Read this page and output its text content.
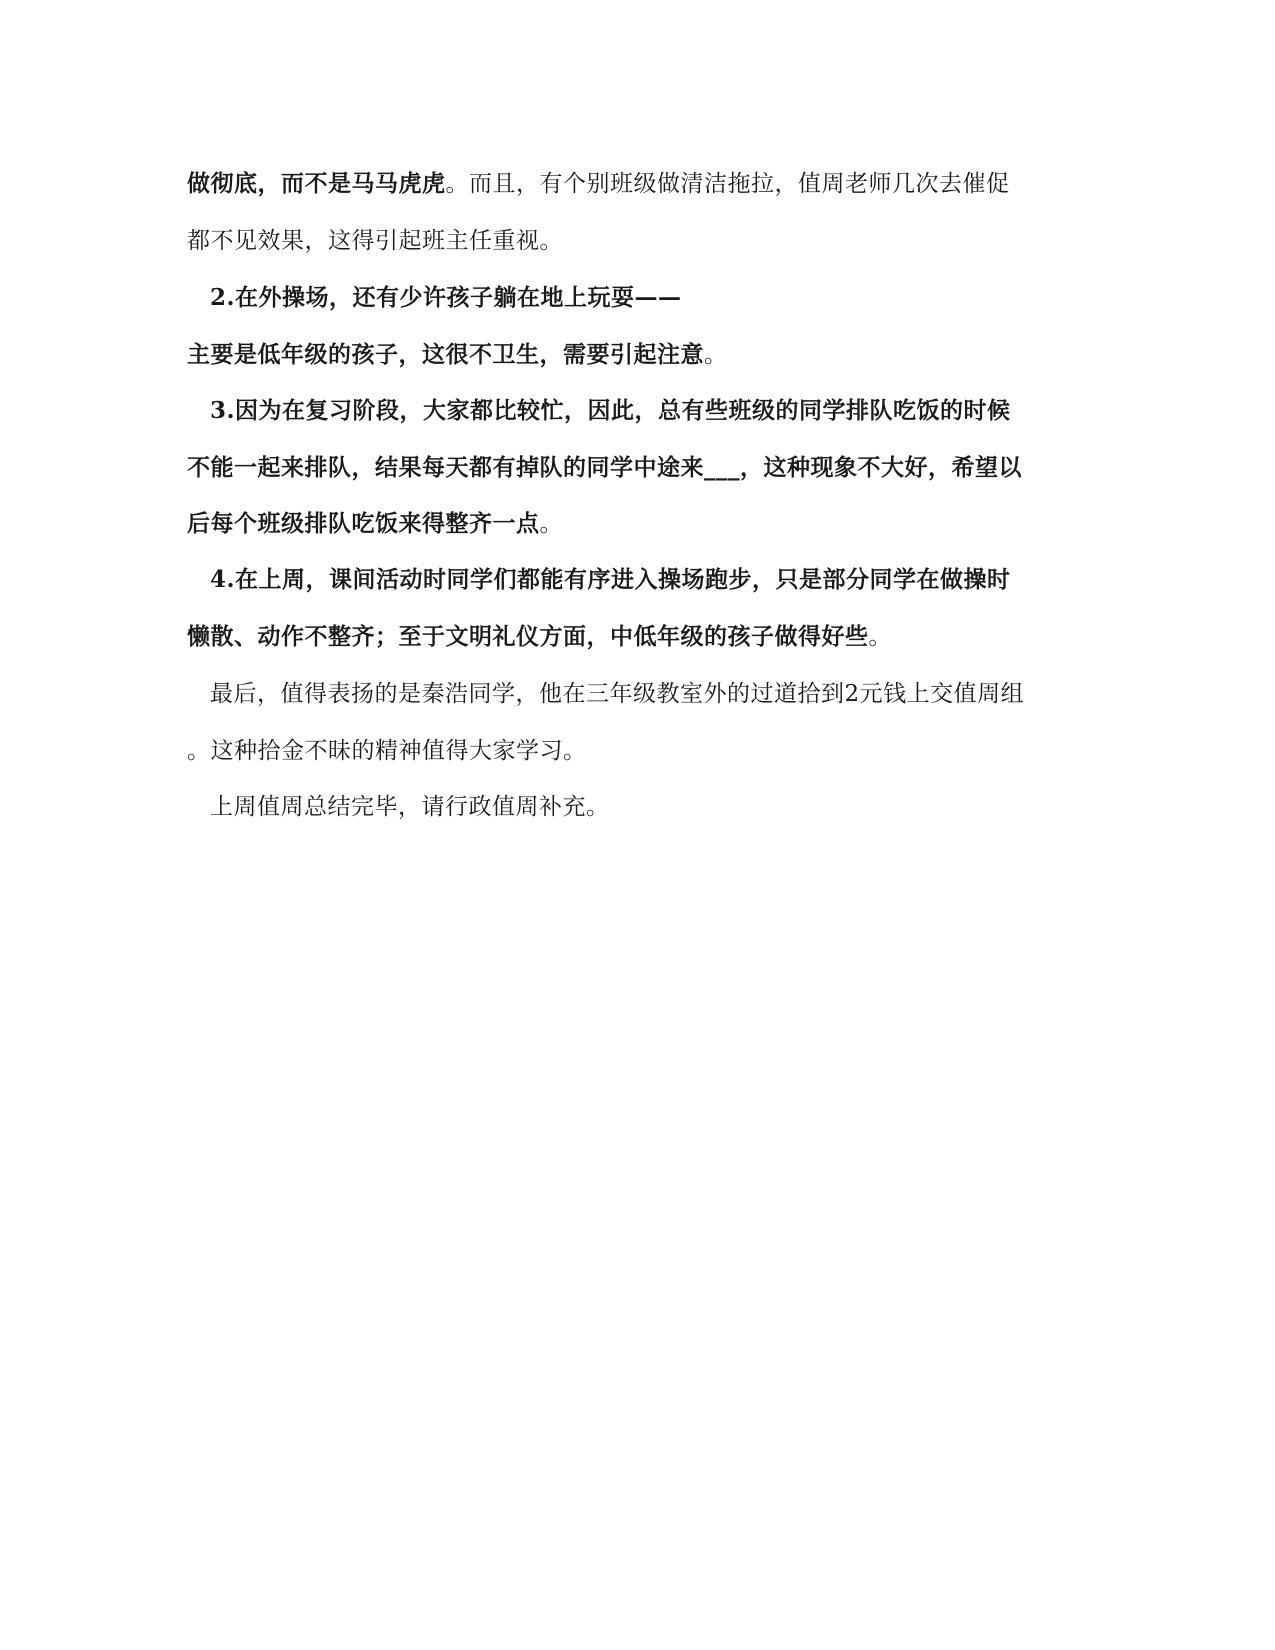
做彻底，而不是马马虎虎。而且，有个别班级做清洁拖拉，值周老师几次去催促
都不见效果，这得引起班主任重视。
2.在外操场，还有少许孩子躺在地上玩耍——
主要是低年级的孩子，这很不卫生，需要引起注意。
3.因为在复习阶段，大家都比较忙，因此，总有些班级的同学排队吃饭的时候
不能一起来排队，结果每天都有掉队的同学中途来___，这种现象不大好，希望以
后每个班级排队吃饭来得整齐一点。
4.在上周，课间活动时同学们都能有序进入操场跑步，只是部分同学在做操时
懒散、动作不整齐；至于文明礼仪方面，中低年级的孩子做得好些。
最后，值得表扬的是秦浩同学，他在三年级教室外的过道拾到2元钱上交值周组
。这种拾金不昧的精神值得大家学习。
上周值周总结完毕，请行政值周补充。
